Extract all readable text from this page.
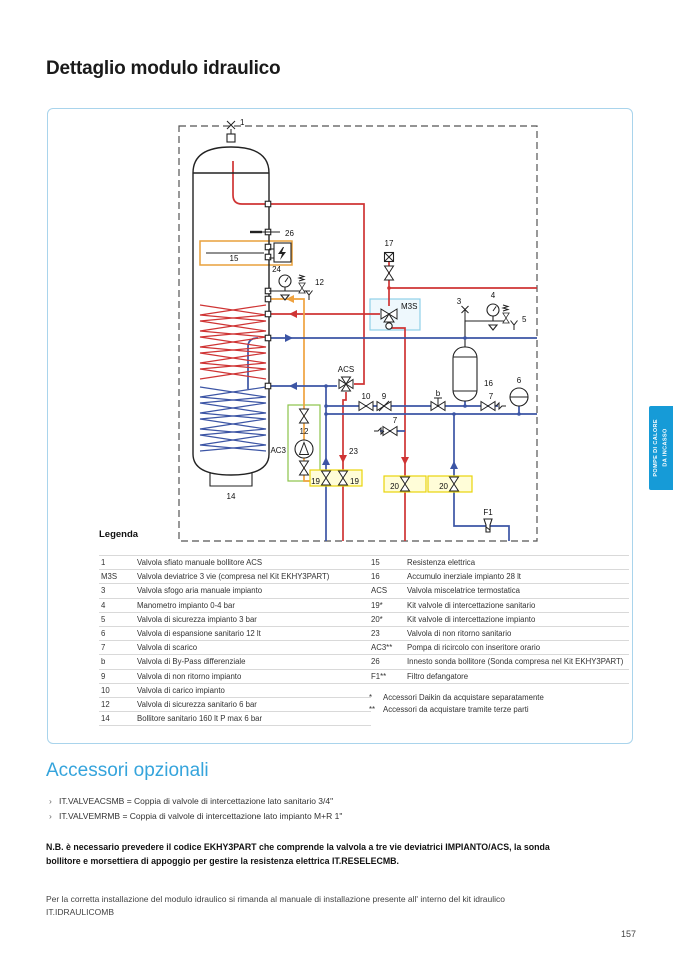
Dettaglio modulo idraulico
1
26
15
24
12
17
M3S
3
4
5
16	6
10 9	b	7
7
ACS
AC3
12
23
19	19
20	20
F1
14
Legenda
1	Valvola sfiato manuale bollitore ACS
M3S	Valvola deviatrice 3 vie (compresa nel Kit EKHY3PART)
3	Valvola sfogo aria manuale impianto
4	Manometro impianto 0-4 bar
5	Valvola di sicurezza impianto 3 bar
6	Valvola di espansione sanitario 12 lt
7	Valvola di scarico
b	Valvola di By-Pass differenziale
9	Valvola di non ritorno impianto
10	Valvola di carico impianto
12	Valvola di sicurezza sanitario 6 bar
14	Bollitore sanitario 160 lt P max 6 bar
15	Resistenza elettrica
16	Accumulo inerziale impianto 28 lt
ACS	Valvola miscelatrice termostatica
19*	Kit valvole di intercettazione sanitario
20*	Kit valvole di intercettazione impianto
23	Valvola di non ritorno sanitario
AC3**	Pompa di ricircolo con inseritore orario
26	Innesto sonda bollitore (Sonda compresa nel Kit EKHY3PART)
F1**	Filtro defangatore
*	Accessori Daikin da acquistare separatamente
**	Accessori da acquistare tramite terze parti
POMPE DI CALORE DA INCASSO
Accessori opzionali
› IT.VALVEACSMB = Coppia di valvole di intercettazione lato sanitario 3/4"
› IT.VALVEMRMB = Coppia di valvole di intercettazione lato impianto M+R 1"
N.B. è necessario prevedere il codice EKHY3PART che comprende la valvola a tre vie deviatrici IMPIANTO/ACS, la sonda bollitore e morsettiera di appoggio per gestire la resistenza elettrica IT.RESELECMB.
Per la corretta installazione del modulo idraulico si rimanda al manuale di installazione presente all' interno del kit idraulico IT.IDRAULICOMB
157
